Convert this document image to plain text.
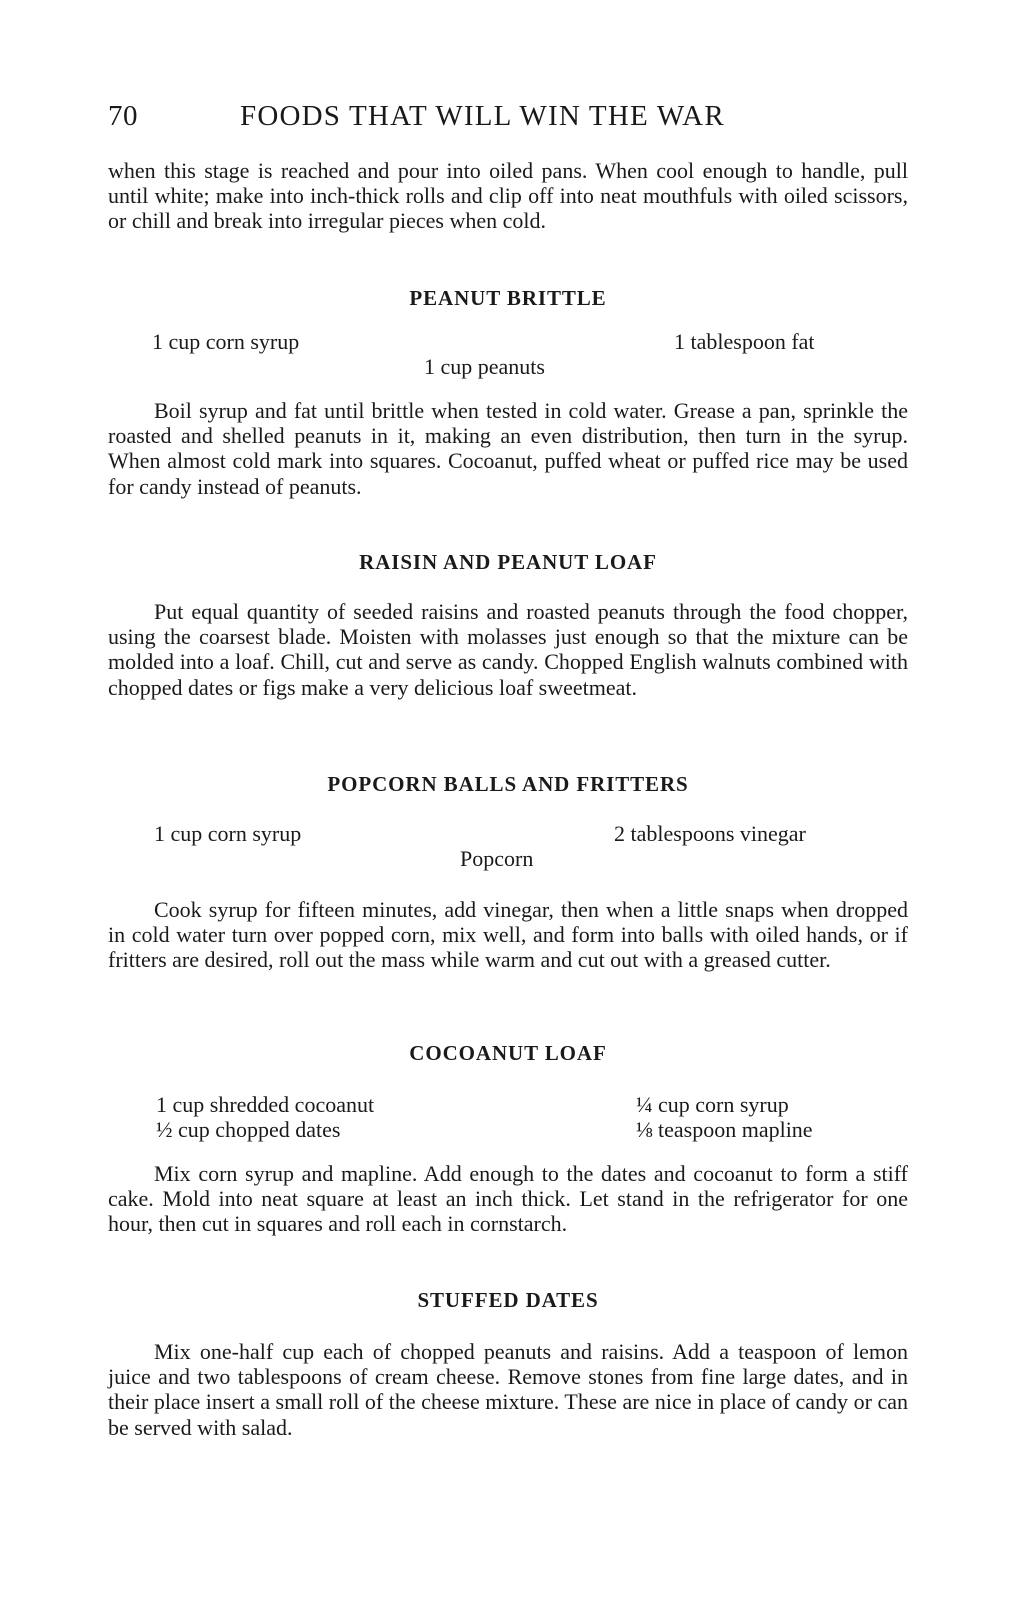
70	FOODS THAT WILL WIN THE WAR

when this stage is reached and pour into oiled pans. When cool enough to handle, pull until white; make into inch-thick rolls and clip off into neat mouthfuls with oiled scissors, or chill and break into irregular pieces when cold.

PEANUT BRITTLE
1 cup corn syrup
1 cup peanuts
1 tablespoon fat

Boil syrup and fat until brittle when tested in cold water. Grease a pan, sprinkle the roasted and shelled peanuts in it, making an even distribution, then turn in the syrup. When almost cold mark into squares. Cocoanut, puffed wheat or puffed rice may be used for candy instead of peanuts.

RAISIN AND PEANUT LOAF

Put equal quantity of seeded raisins and roasted peanuts through the food chopper, using the coarsest blade. Moisten with molasses just enough so that the mixture can be molded into a loaf. Chill, cut and serve as candy. Chopped English walnuts combined with chopped dates or figs make a very delicious loaf sweetmeat.

POPCORN BALLS AND FRITTERS
1 cup corn syrup
Popcorn
2 tablespoons vinegar

Cook syrup for fifteen minutes, add vinegar, then when a little snaps when dropped in cold water turn over popped corn, mix well, and form into balls with oiled hands, or if fritters are desired, roll out the mass while warm and cut out with a greased cutter.

COCOANUT LOAF
1 cup shredded cocoanut
½ cup chopped dates
¼ cup corn syrup
⅛ teaspoon mapline

Mix corn syrup and mapline. Add enough to the dates and cocoanut to form a stiff cake. Mold into neat square at least an inch thick. Let stand in the refrigerator for one hour, then cut in squares and roll each in cornstarch.

STUFFED DATES

Mix one-half cup each of chopped peanuts and raisins. Add a teaspoon of lemon juice and two tablespoons of cream cheese. Remove stones from fine large dates, and in their place insert a small roll of the cheese mixture. These are nice in place of candy or can be served with salad.
